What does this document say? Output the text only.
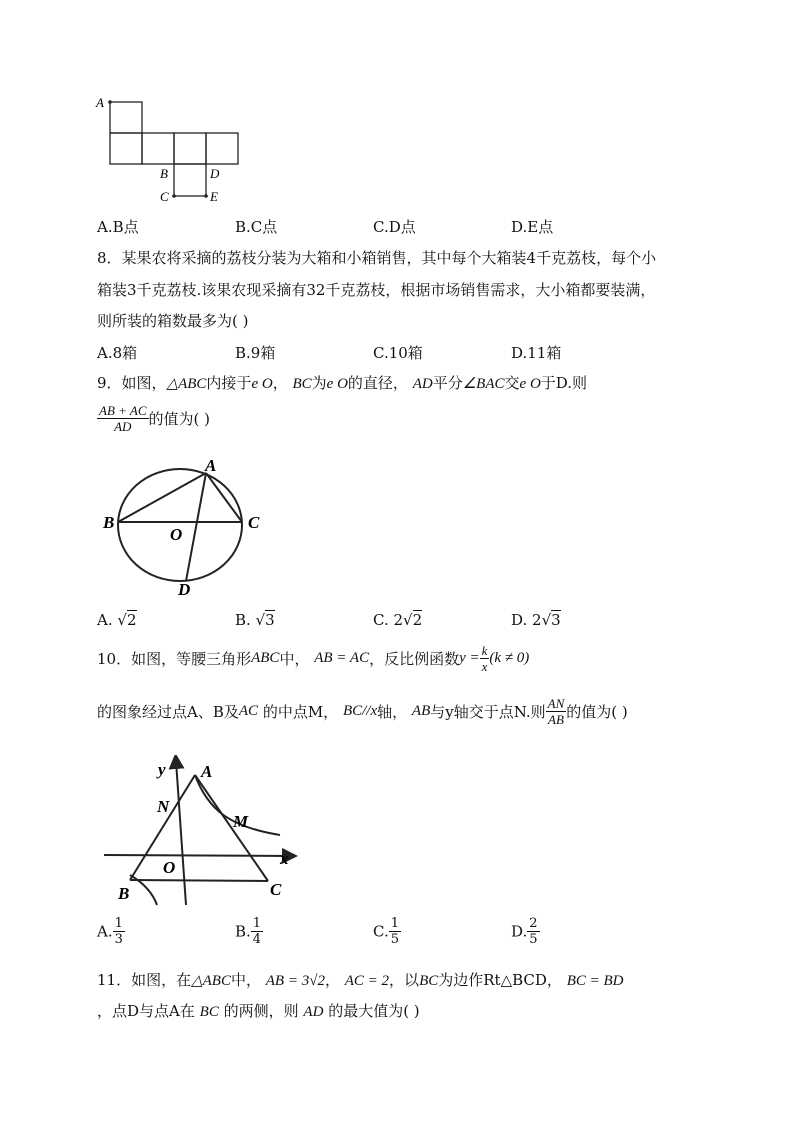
A
B
C
D
E
A.B点	B.C点	C.D点	D.E点
8．某果农将采摘的荔枝分装为大箱和小箱销售，其中每个大箱装4千克荔枝，每个小
箱装3千克荔枝.该果农现采摘有32千克荔枝，根据市场销售需求，大小箱都要装满，
则所装的箱数最多为( )
A.8箱	B.9箱	C.10箱	D.11箱
9．如图，△ABC内接于e O， BC为e O的直径， AD平分∠BAC交e O于D.则
$\frac{AB + AC}{AD}$ 的值为( )
A
B	C
O
D
A. √2	B. √3	C. 2√2	D. 2√3
10．如图，等腰三角形ABC中， AB = AC，反比例函数$y = \frac{k}{x} (k \ne 0)$
的图象经过点A、B及AC 的中点M， BC//x轴， AB与y轴交于点N.则 $\frac{AN}{AB}$ 的值为( )
y A
N
M
O	x
B	C
A. $\frac{1}{3}$	B. $\frac{1}{4}$	C. $\frac{1}{5}$	D. $\frac{2}{5}$
11．如图，在△ABC中， AB = 3√2， AC = 2，以BC为边作Rt△BCD， BC = BD
，点D与点A在 BC 的两侧，则 AD 的最大值为( )
